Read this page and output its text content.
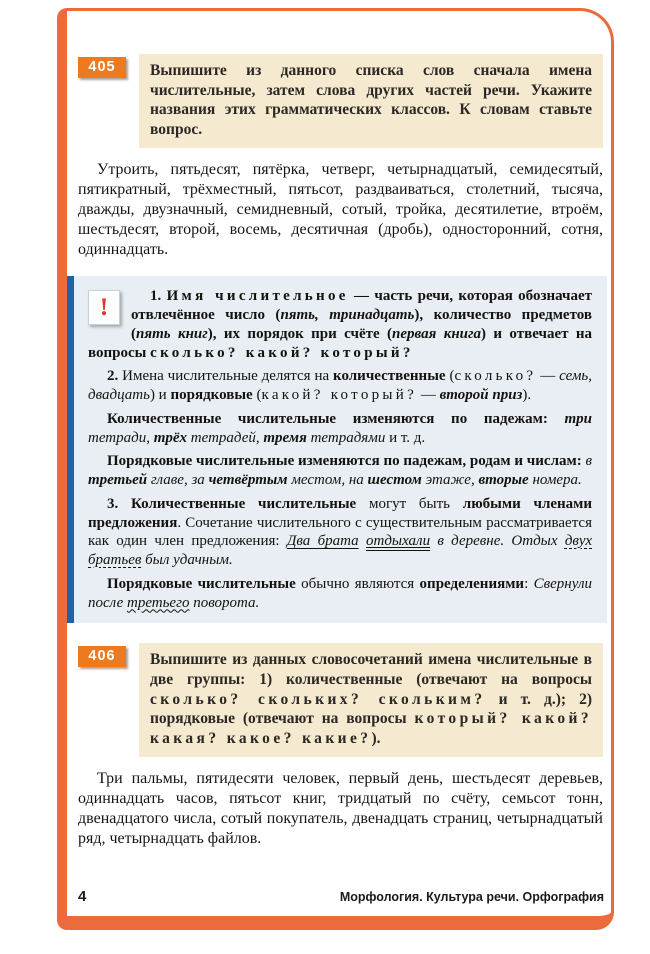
405	Выпишите из данного списка слов сначала имена числительные, затем слова других частей речи. Укажите названия этих грамматических классов. К словам ставьте вопрос.

Утроить, пятьдесят, пятёрка, четверг, четырнадцатый, семидесятый, пятикратный, трёхместный, пятьсот, раздваиваться, столетний, тысяча, дважды, двузначный, семидневный, сотый, тройка, десятилетие, втроём, шестьдесят, второй, восемь, десятичная (дробь), односторонний, сотня, одиннадцать.

!	1. Имя числительное — часть речи, которая обозначает отвлечённое число (пять, тринадцать), количество предметов (пять книг), их порядок при счёте (первая книга) и отвечает на вопросы сколько? какой? который?

2. Имена числительные делятся на количественные (сколько? — семь, двадцать) и порядковые (какой? который? — второй приз).

Количественные числительные изменяются по падежам: три тетради, трёх тетрадей, тремя тетрадями и т. д.

Порядковые числительные изменяются по падежам, родам и числам: в третьей главе, за четвёртым местом, на шестом этаже, вторые номера.

3. Количественные числительные могут быть любыми членами предложения. Сочетание числительного с существительным рассматривается как один член предложения: Два брата отдыхали в деревне. Отдых двух братьев был удачным.

Порядковые числительные обычно являются определениями: Свернули после третьего поворота.

406	Выпишите из данных словосочетаний имена числительные в две группы: 1) количественные (отвечают на вопросы сколько? скольких? скольким? и т. д.); 2) порядковые (отвечают на вопросы который? какой? какая? какое? какие?).

Три пальмы, пятидесяти человек, первый день, шестьдесят деревьев, одиннадцать часов, пятьсот книг, тридцатый по счёту, семьсот тонн, двенадцатого числа, сотый покупатель, двенадцать страниц, четырнадцатый ряд, четырнадцать файлов.

4	Морфология. Культура речи. Орфография
